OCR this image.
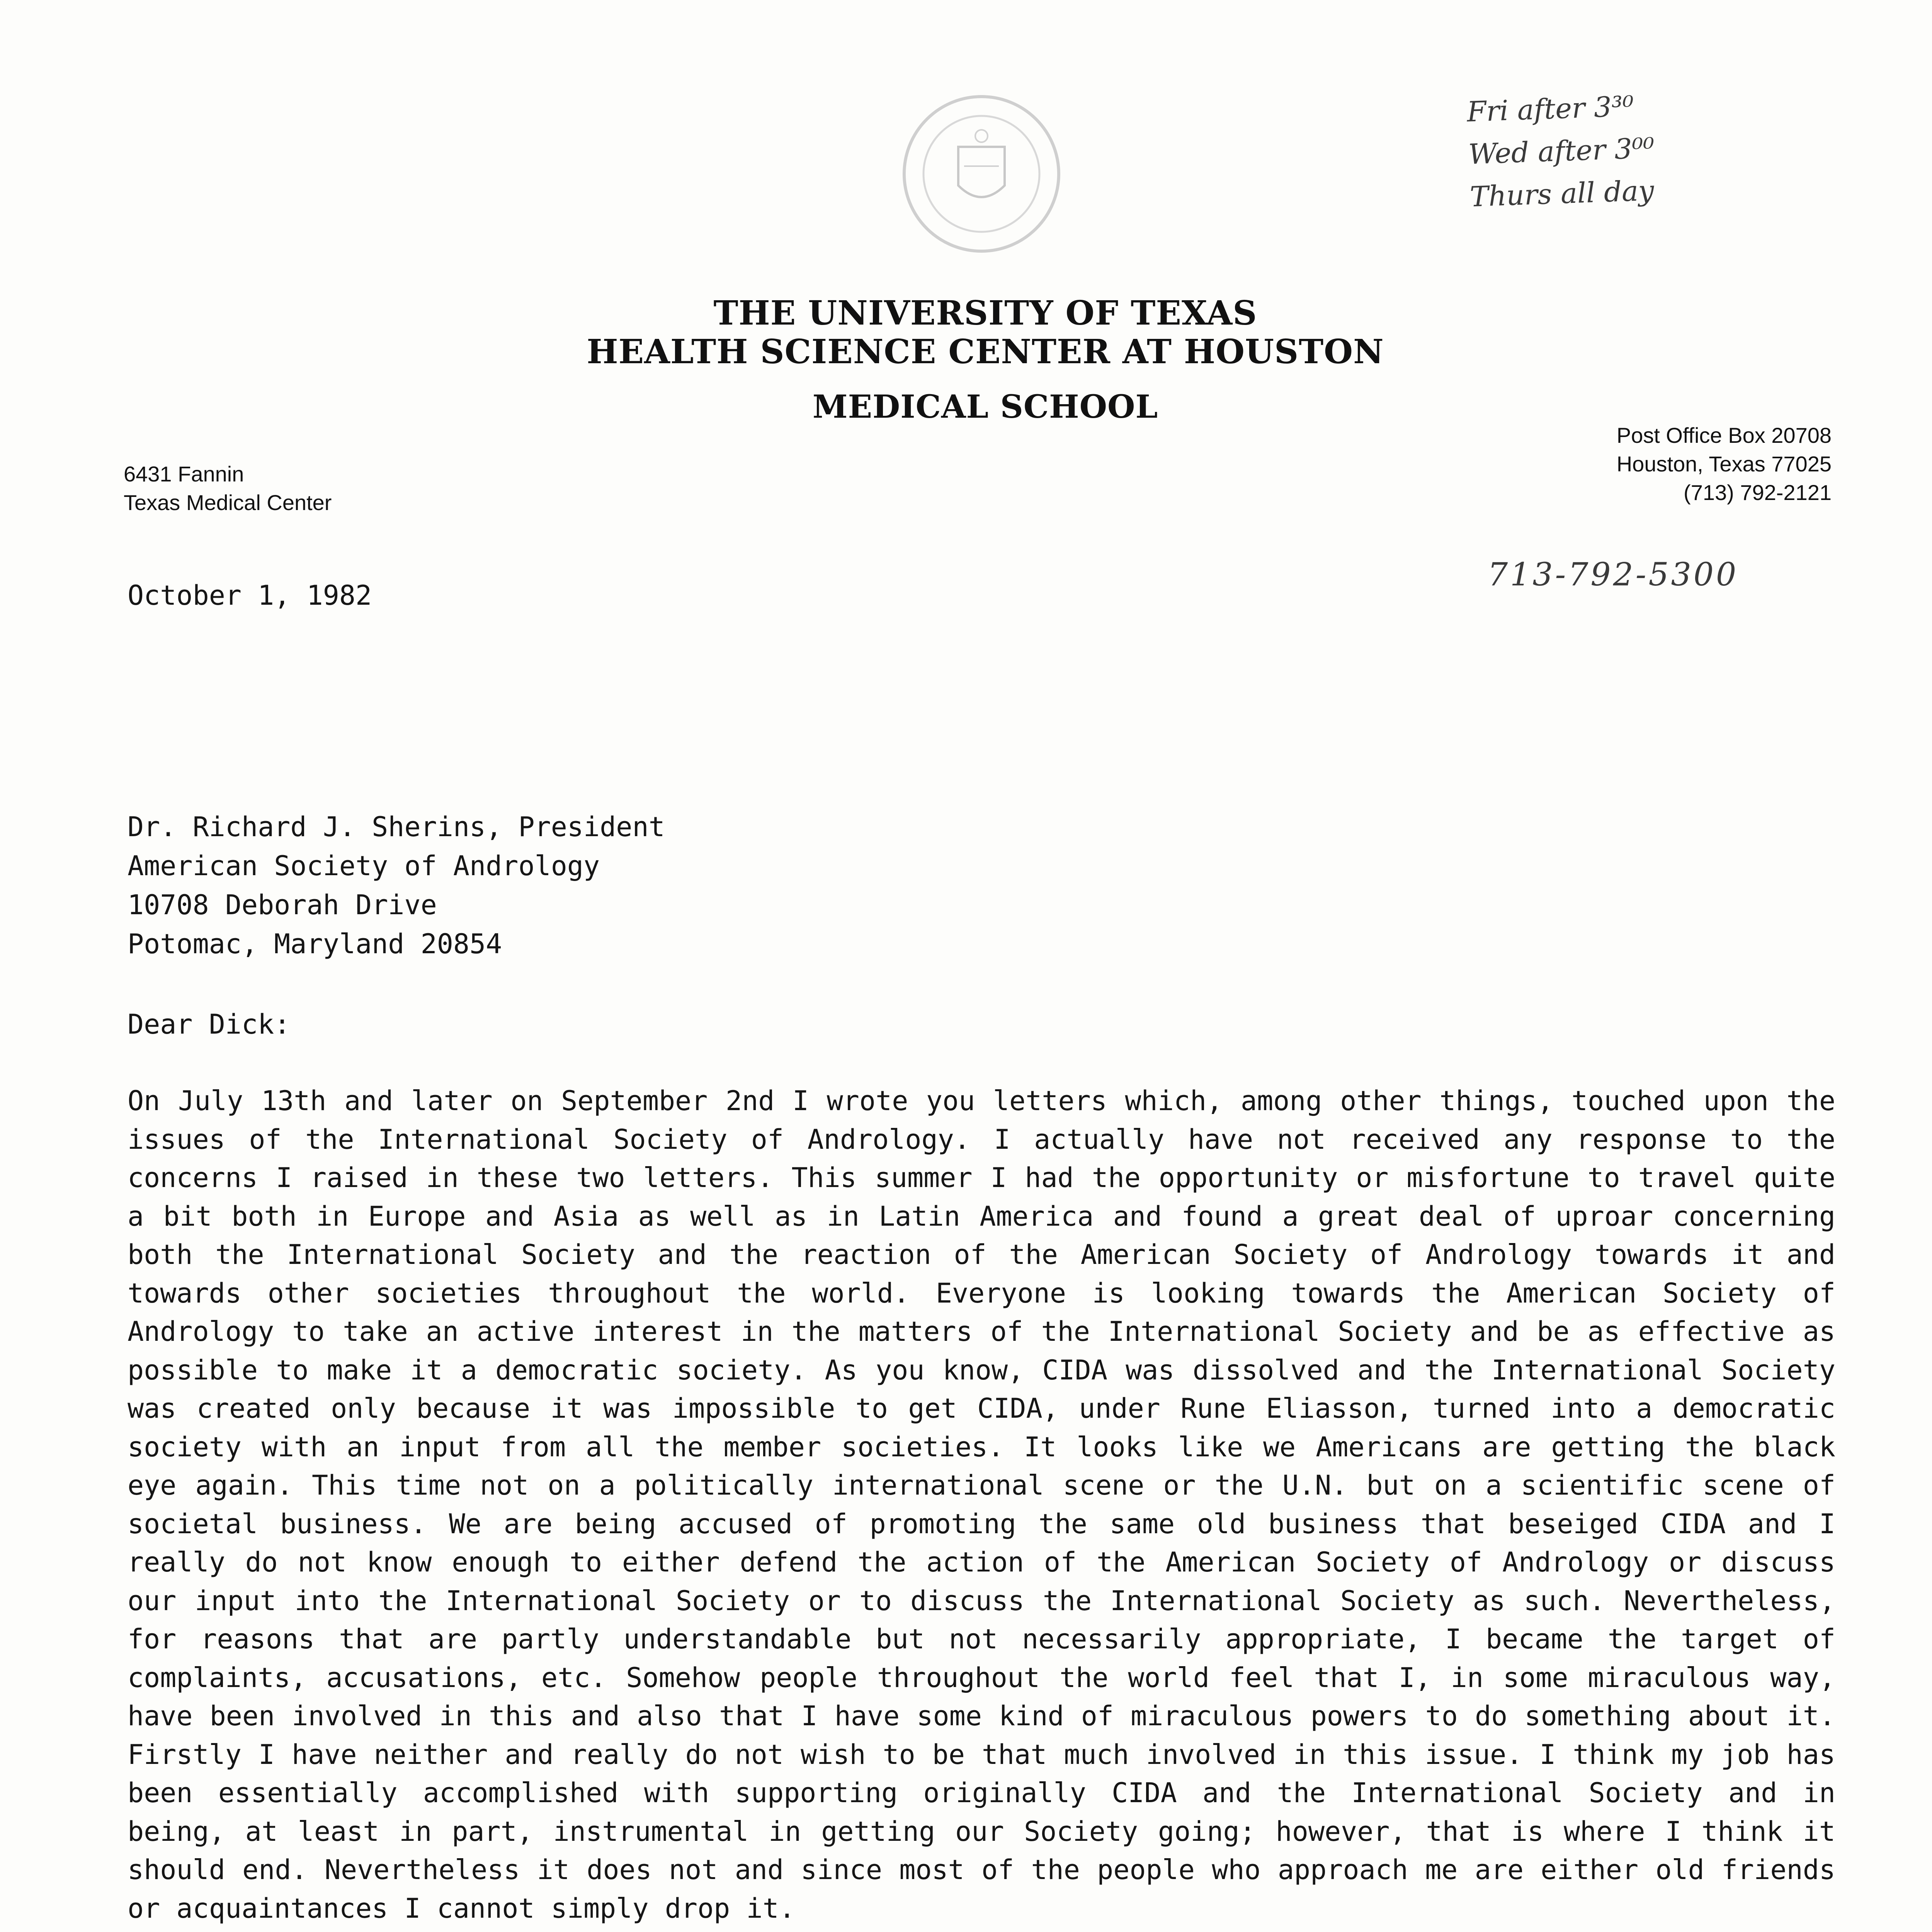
THE UNIVERSITY OF TEXAS
HEALTH SCIENCE CENTER AT HOUSTON
MEDICAL SCHOOL
6431 Fannin
Texas Medical Center
Post Office Box 20708
Houston, Texas 77025
(713) 792-2121
Fri after 3³⁰
Wed after 3⁰⁰
Thurs all day
713-792-5300
October 1, 1982
Dr. Richard J. Sherins, President
American Society of Andrology
10708 Deborah Drive
Potomac, Maryland 20854
Dear Dick:

On July 13th and later on September 2nd I wrote you letters which, among other things, touched upon the issues of the International Society of Andrology. I actually have not received any response to the concerns I raised in these two letters. This summer I had the opportunity or misfortune to travel quite a bit both in Europe and Asia as well as in Latin America and found a great deal of uproar concerning both the International Society and the reaction of the American Society of Andrology towards it and towards other societies throughout the world. Everyone is looking towards the American Society of Andrology to take an active interest in the matters of the International Society and be as effective as possible to make it a democratic society. As you know, CIDA was dissolved and the International Society was created only because it was impossible to get CIDA, under Rune Eliasson, turned into a democratic society with an input from all the member societies. It looks like we Americans are getting the black eye again. This time not on a politically international scene or the U.N. but on a scientific scene of societal business. We are being accused of promoting the same old business that beseiged CIDA and I really do not know enough to either defend the action of the American Society of Andrology or discuss our input into the International Society or to discuss the International Society as such. Nevertheless, for reasons that are partly understandable but not necessarily appropriate, I became the target of complaints, accusations, etc. Somehow people throughout the world feel that I, in some miraculous way, have been involved in this and also that I have some kind of miraculous powers to do something about it. Firstly I have neither and really do not wish to be that much involved in this issue. I think my job has been essentially accomplished with supporting originally CIDA and the International Society and in being, at least in part, instrumental in getting our Society going; however, that is where I think it should end. Nevertheless it does not and since most of the people who approach me are either old friends or acquaintances I cannot simply drop it.
